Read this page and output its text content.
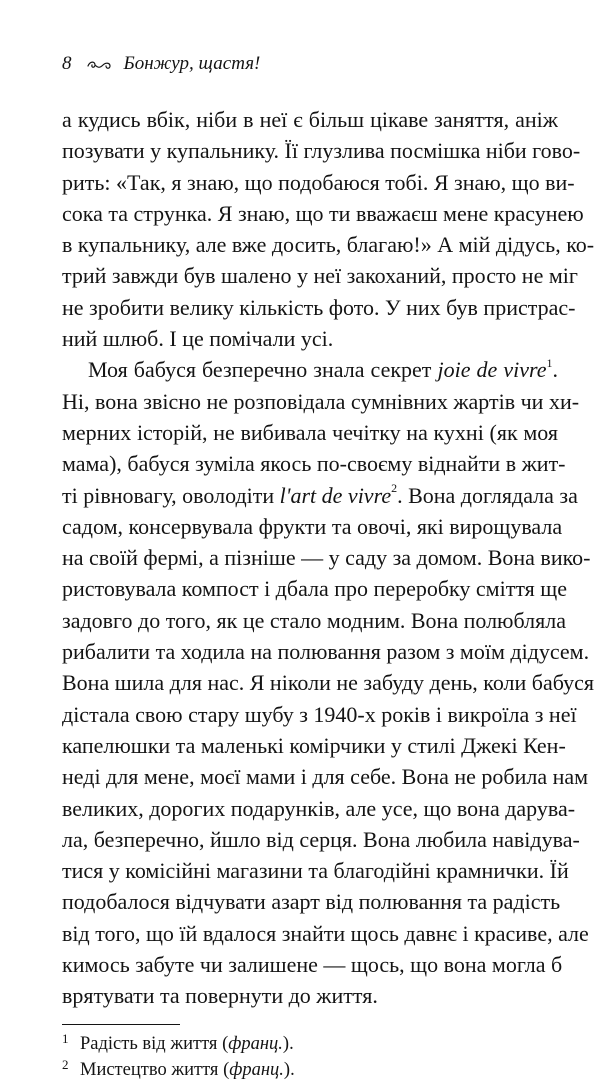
8	Бонжур, щастя!

а кудись вбік, ніби в неї є більш цікаве заняття, аніж
позувати у купальнику. Її глузлива посмішка ніби гово-
рить: «Так, я знаю, що подобаюся тобі. Я знаю, що ви-
сока та струнка. Я знаю, що ти вважаєш мене красунею
в купальнику, але вже досить, благаю!» А мій дідусь, ко-
трий завжди був шалено у неї закоханий, просто не міг
не зробити велику кількість фото. У них був пристрас-
ний шлюб. І це помічали усі.

Моя бабуся безперечно знала секрет joie de vivre$^1$.
Ні, вона звісно не розповідала сумнівних жартів чи хи-
мерних історій, не вибивала чечітку на кухні (як моя
мама), бабуся зуміла якось по-своєму віднайти в жит-
ті рівновагу, оволодіти l'art de vivre$^2$. Вона доглядала за
садом, консервувала фрукти та овочі, які вирощувала
на своїй фермі, а пізніше — у саду за домом. Вона вико-
ристовувала компост і дбала про переробку сміття ще
задовго до того, як це стало модним. Вона полюбляла
рибалити та ходила на полювання разом з моїм дідусем.
Вона шила для нас. Я ніколи не забуду день, коли бабуся
дістала свою стару шубу з 1940-х років і викроїла з неї
капелюшки та маленькі комірчики у стилі Джекі Кен-
неді для мене, моєї мами і для себе. Вона не робила нам
великих, дорогих подарунків, але усе, що вона дарува-
ла, безперечно, йшло від серця. Вона любила навідува-
тися у комісійні магазини та благодійні крамнички. Їй
подобалося відчувати азарт від полювання та радість
від того, що їй вдалося знайти щось давнє і красиве, але
кимось забуте чи залишене — щось, що вона могла б
врятувати та повернути до життя.

1 Радість від життя (франц.).
2 Мистецтво життя (франц.).
